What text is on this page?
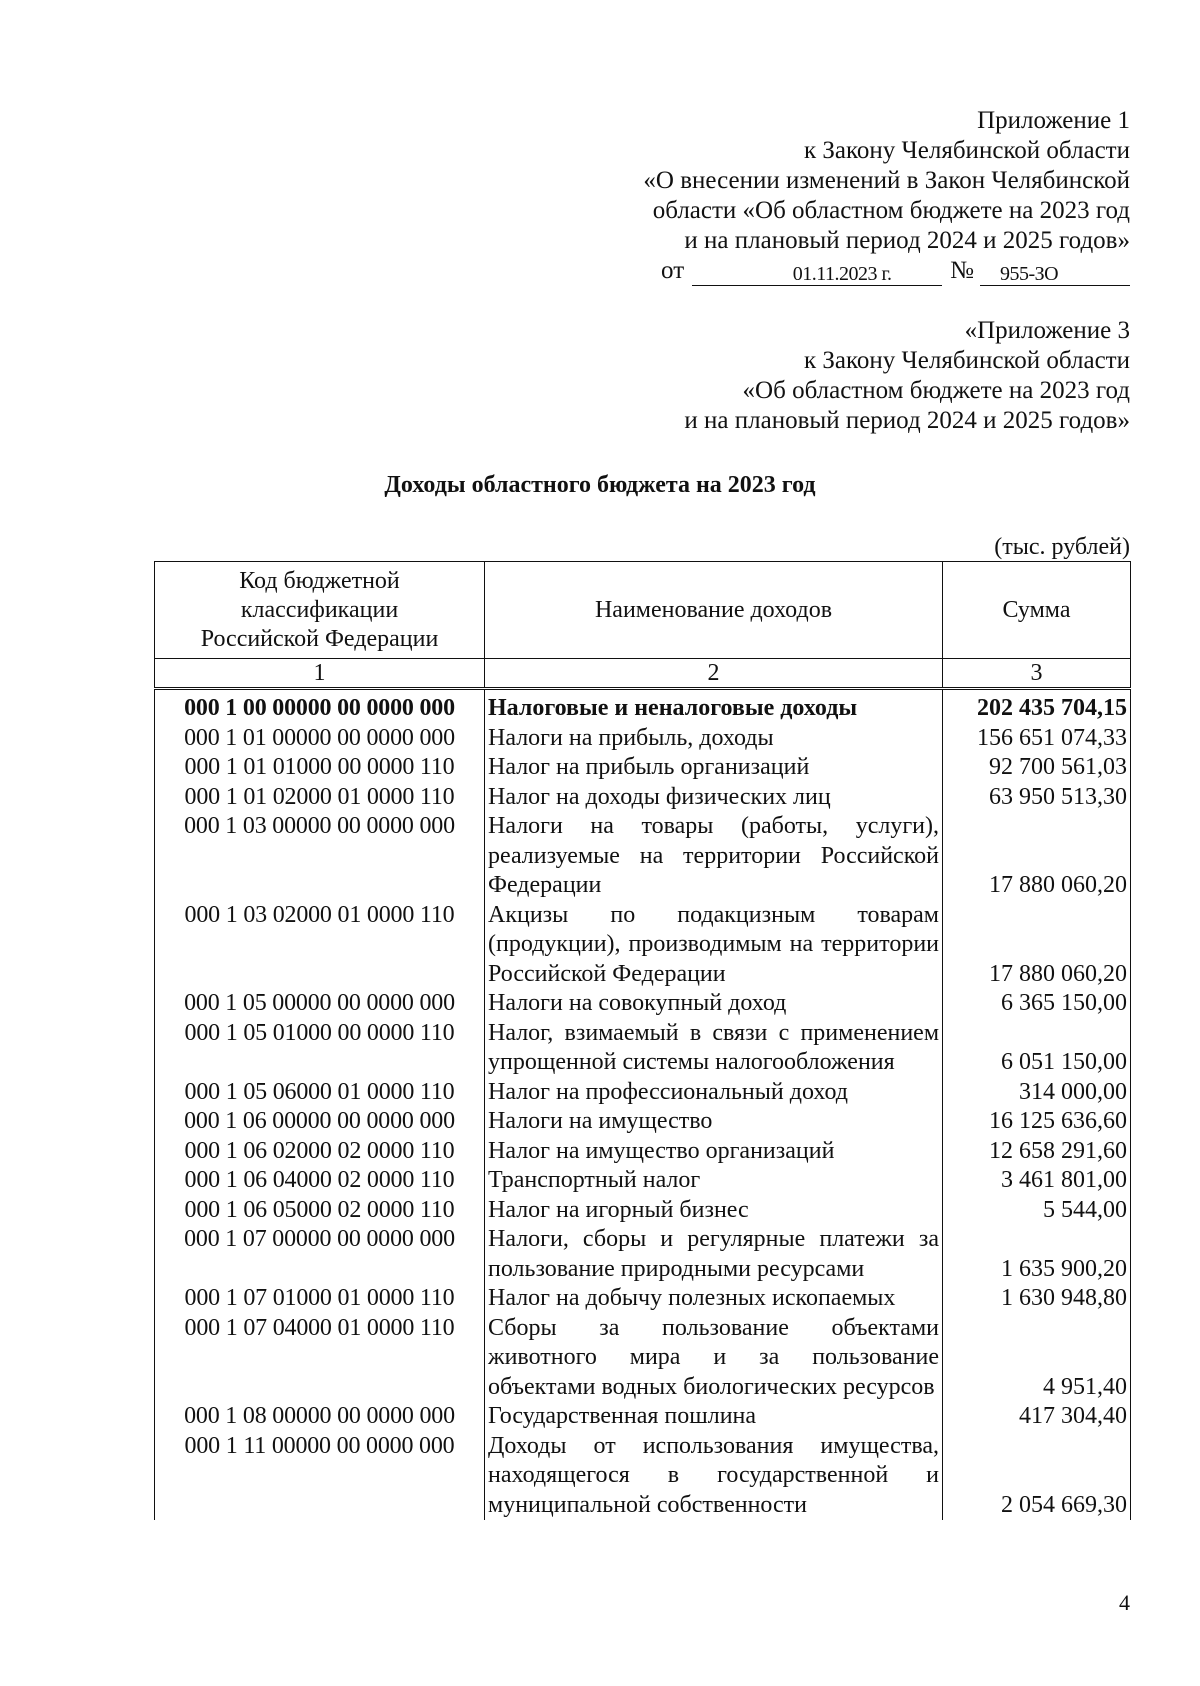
Приложение 1
к Закону Челябинской области
«О внесении изменений в Закон Челябинской
области «Об областном бюджете на 2023 год
и на плановый период 2024 и 2025 годов»
от	01.11.2023 г.	№	955-ЗО
«Приложение 3
к Закону Челябинской области
«Об областном бюджете на 2023 год
и на плановый период 2024 и 2025 годов»
Доходы областного бюджета на 2023 год
(тыс. рублей)
Код бюджетной классификации Российской Федерации	Наименование доходов	Сумма
1	2	3
000 1 00 00000 00 0000 000	Налоговые и неналоговые доходы	202 435 704,15
000 1 01 00000 00 0000 000	Налоги на прибыль, доходы	156 651 074,33
000 1 01 01000 00 0000 110	Налог на прибыль организаций	92 700 561,03
000 1 01 02000 01 0000 110	Налог на доходы физических лиц	63 950 513,30
000 1 03 00000 00 0000 000	Налоги на товары (работы, услуги), реализуемые на территории Российской Федерации	17 880 060,20
000 1 03 02000 01 0000 110	Акцизы по подакцизным товарам (продукции), производимым на территории Российской Федерации	17 880 060,20
000 1 05 00000 00 0000 000	Налоги на совокупный доход	6 365 150,00
000 1 05 01000 00 0000 110	Налог, взимаемый в связи с применением упрощенной системы налогообложения	6 051 150,00
000 1 05 06000 01 0000 110	Налог на профессиональный доход	314 000,00
000 1 06 00000 00 0000 000	Налоги на имущество	16 125 636,60
000 1 06 02000 02 0000 110	Налог на имущество организаций	12 658 291,60
000 1 06 04000 02 0000 110	Транспортный налог	3 461 801,00
000 1 06 05000 02 0000 110	Налог на игорный бизнес	5 544,00
000 1 07 00000 00 0000 000	Налоги, сборы и регулярные платежи за пользование природными ресурсами	1 635 900,20
000 1 07 01000 01 0000 110	Налог на добычу полезных ископаемых	1 630 948,80
000 1 07 04000 01 0000 110	Сборы за пользование объектами животного мира и за пользование объектами водных биологических ресурсов	4 951,40
000 1 08 00000 00 0000 000	Государственная пошлина	417 304,40
000 1 11 00000 00 0000 000	Доходы от использования имущества, находящегося в государственной и муниципальной собственности	2 054 669,30
4
